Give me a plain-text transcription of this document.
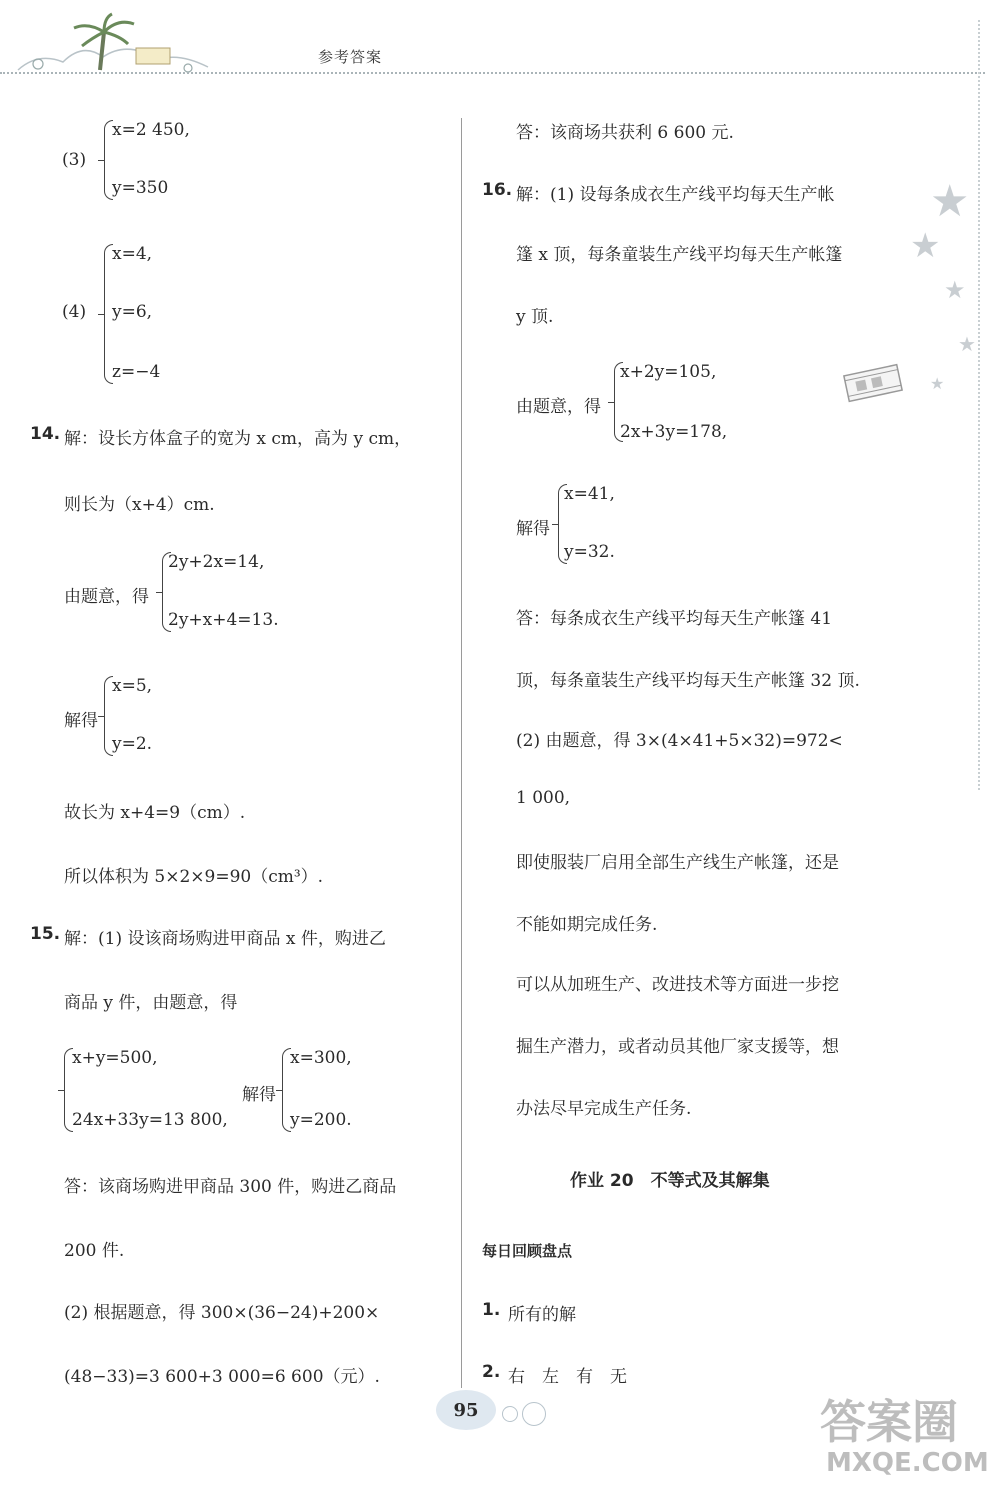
参考答案
★
★
★
★
★
(3)
x=2 450,
y=350
(4)
x=4,
y=6,
z=−4
14. 解：设长方体盒子的宽为 x cm，高为 y cm，
则长为（x+4）cm.
由题意，得
2y+2x=14,
2y+x+4=13.
解得
x=5,
y=2.
故长为 x+4=9（cm）.
所以体积为 5×2×9=90（cm³）.
15. 解：(1) 设该商场购进甲商品 x 件，购进乙
商品 y 件，由题意，得
x+y=500,
24x+33y=13 800,
解得
x=300,
y=200.
答：该商场购进甲商品 300 件，购进乙商品
200 件.
(2) 根据题意，得 300×(36−24)+200×
(48−33)=3 600+3 000=6 600（元）.
答：该商场共获利 6 600 元.
16. 解：(1) 设每条成衣生产线平均每天生产帐
篷 x 顶，每条童装生产线平均每天生产帐篷
y 顶.
由题意，得
x+2y=105,
2x+3y=178,
解得
x=41,
y=32.
答：每条成衣生产线平均每天生产帐篷 41
顶，每条童装生产线平均每天生产帐篷 32 顶.
(2) 由题意，得 3×(4×41+5×32)=972<
1 000,
即使服装厂启用全部生产线生产帐篷，还是
不能如期完成任务.
可以从加班生产、改进技术等方面进一步挖
掘生产潜力，或者动员其他厂家支援等，想
办法尽早完成生产任务.
作业 20　不等式及其解集
每日回顾盘点
1. 所有的解
2. 右　左　有　无
95	答案圈
MXQE.COM
